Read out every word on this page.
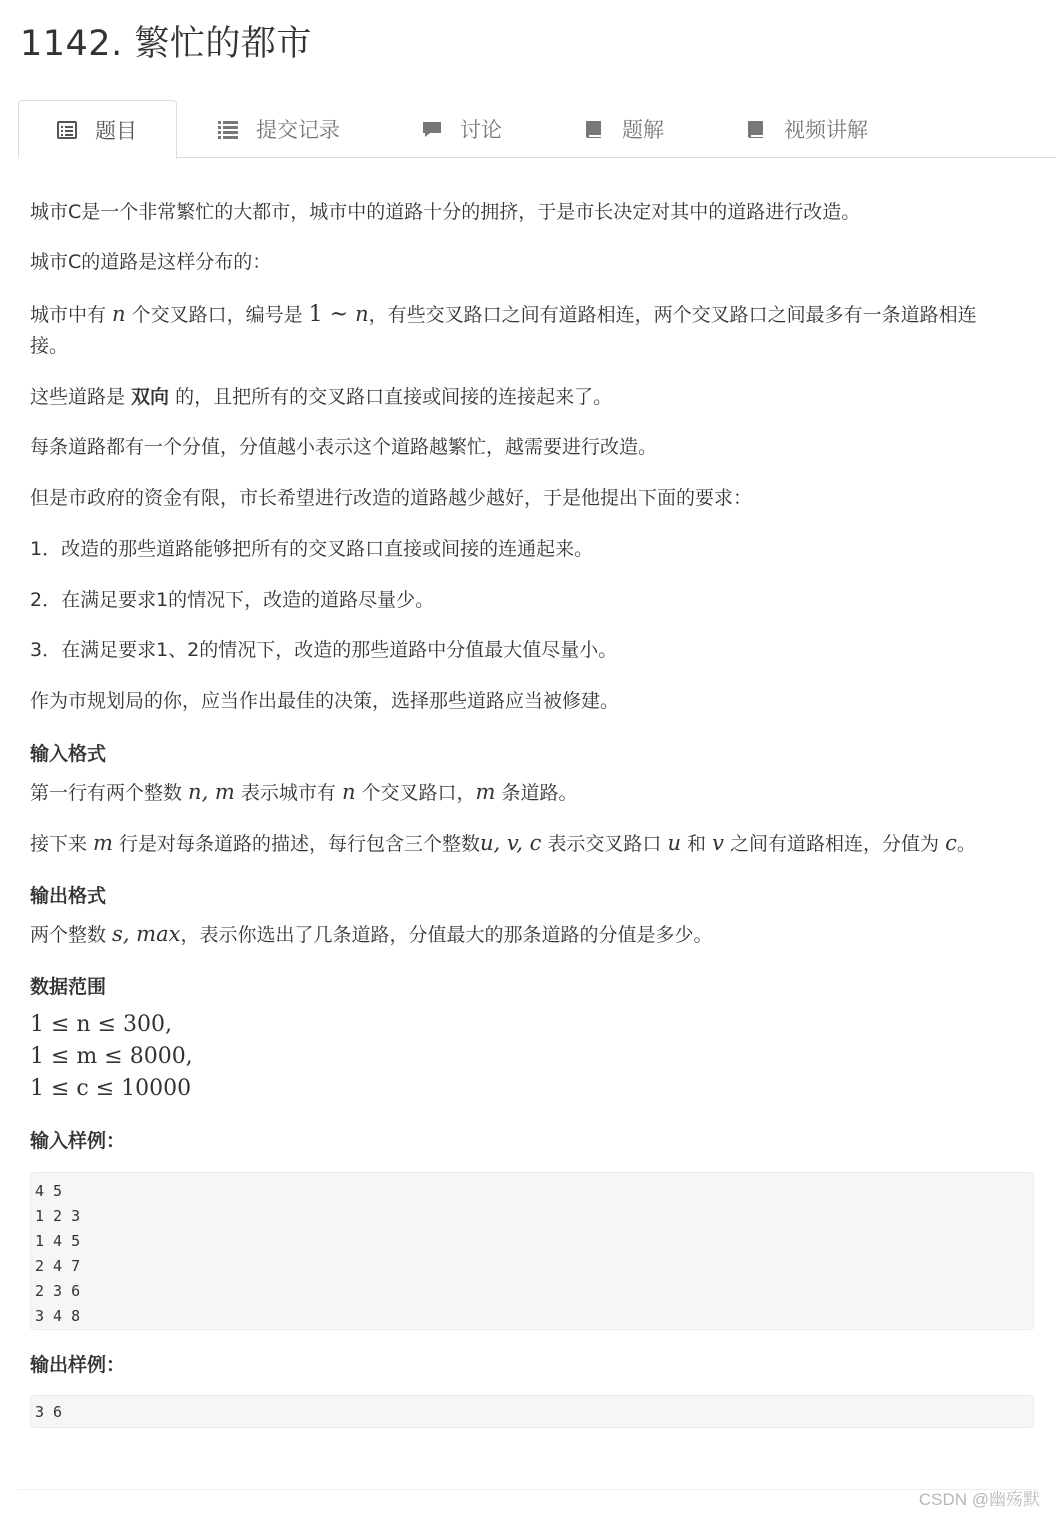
1142. 繁忙的都市
题目	提交记录	讨论	题解	视频讲解

城市C是一个非常繁忙的大都市，城市中的道路十分的拥挤，于是市长决定对其中的道路进行改造。

城市C的道路是这样分布的：

城市中有 n 个交叉路口，编号是 1 ~ n，有些交叉路口之间有道路相连，两个交叉路口之间最多有一条道路相连

接。

这些道路是 双向 的，且把所有的交叉路口直接或间接的连接起来了。

每条道路都有一个分值，分值越小表示这个道路越繁忙，越需要进行改造。

但是市政府的资金有限，市长希望进行改造的道路越少越好，于是他提出下面的要求：

1．改造的那些道路能够把所有的交叉路口直接或间接的连通起来。

2．在满足要求1的情况下，改造的道路尽量少。

3．在满足要求1、2的情况下，改造的那些道路中分值最大值尽量小。

作为市规划局的你，应当作出最佳的决策，选择那些道路应当被修建。

输入格式

第一行有两个整数 n, m 表示城市有 n 个交叉路口，m 条道路。

接下来 m 行是对每条道路的描述，每行包含三个整数u, v, c 表示交叉路口 u 和 v 之间有道路相连，分值为 c。

输出格式

两个整数 s, max，表示你选出了几条道路，分值最大的那条道路的分值是多少。

数据范围

1 ≤ n ≤ 300,

1 ≤ m ≤ 8000,

1 ≤ c ≤ 10000

输入样例：
4 5
1 2 3
1 4 5
2 4 7
2 3 6
3 4 8
输出样例：
3 6
CSDN @幽殇默
